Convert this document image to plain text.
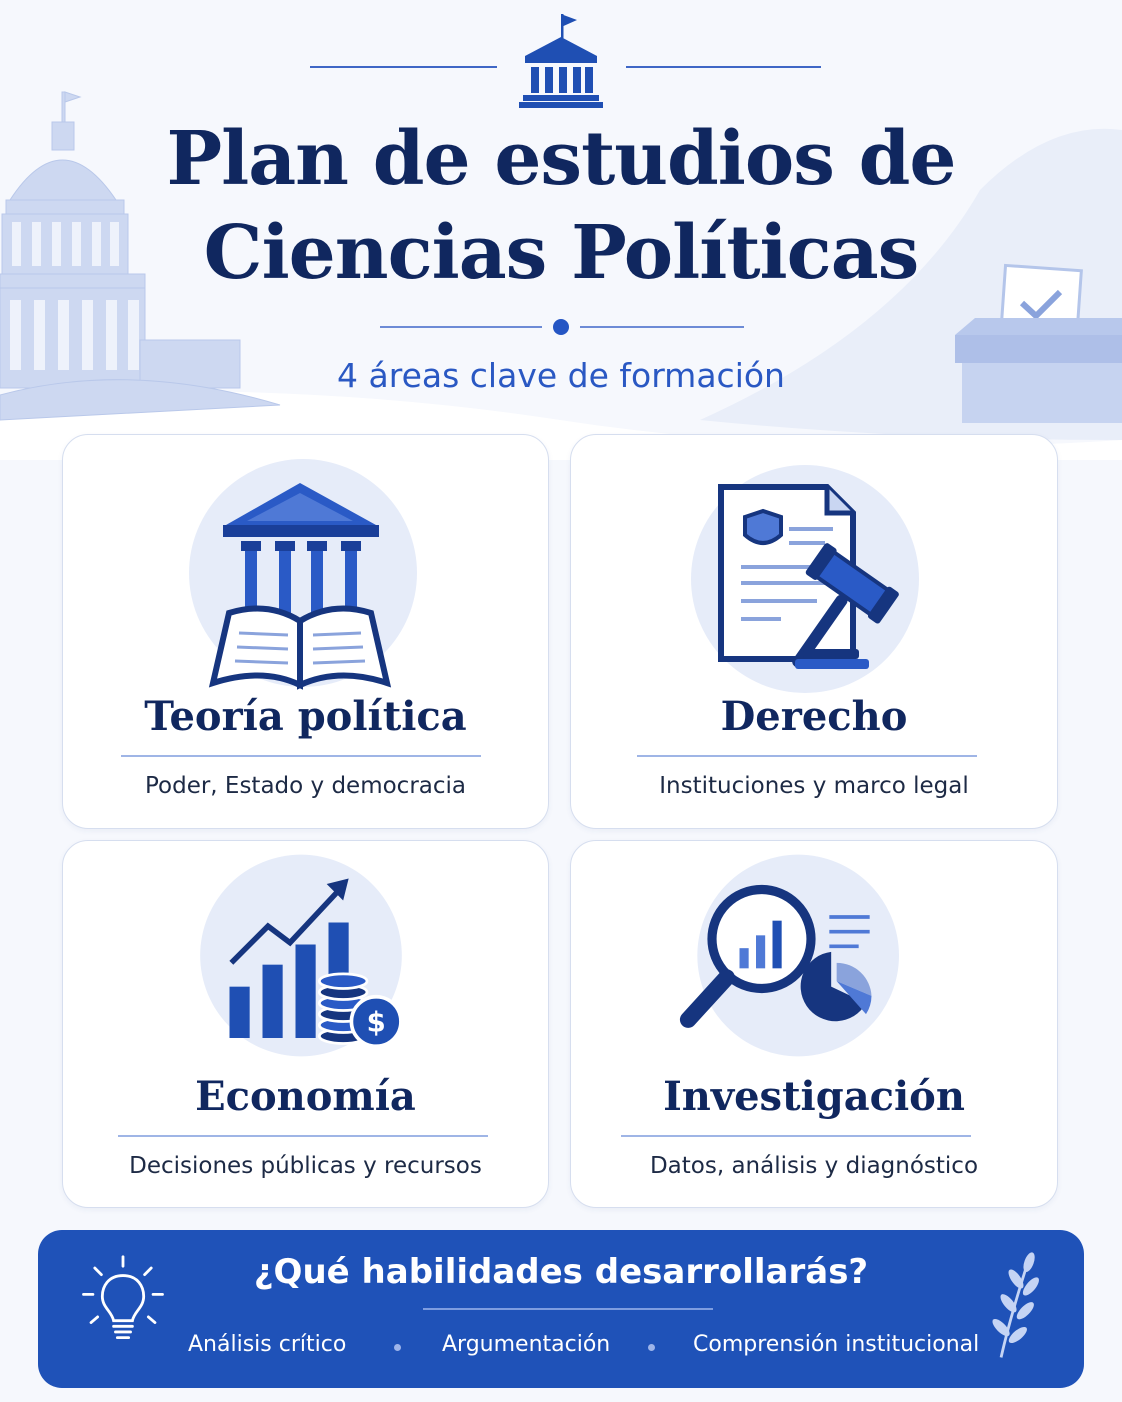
Plan de estudios de
Ciencias Políticas
4 áreas clave de formación
Teoría política
Poder, Estado y democracia
Derecho
Instituciones y marco legal
$
Economía
Decisiones públicas y recursos
Investigación
Datos, análisis y diagnóstico
¿Qué habilidades desarrollarás?
Análisis crítico	Argumentación	Comprensión institucional
